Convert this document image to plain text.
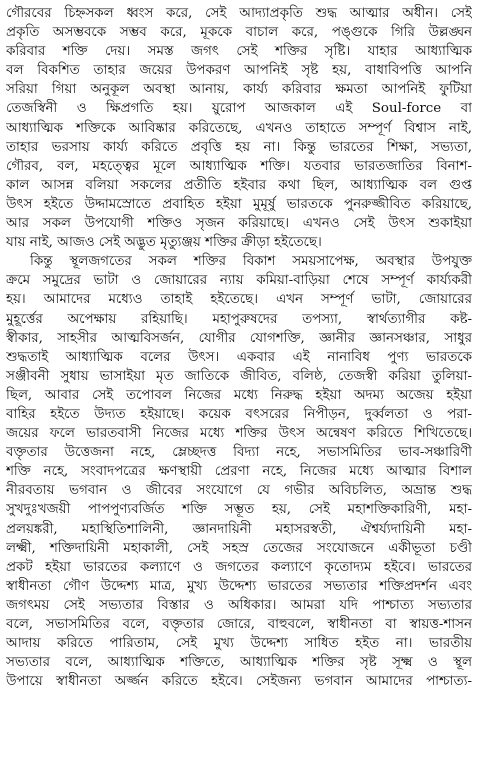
গৌরবের চিহ্নসকল ধ্বংস করে, সেই আদ্যাপ্রকৃতি শুদ্ধ আত্মার অধীন। সেই
প্রকৃতি অসম্ভবকে সম্ভব করে, মূককে বাচাল করে, পঙ্গুকে গিরি উল্লঙ্ঘন
করিবার শক্তি দেয়। সমস্ত জগৎ সেই শক্তির সৃষ্টি। যাহার আধ্যাত্মিক
বল বিকশিত তাহার জয়ের উপকরণ আপনিই সৃষ্ট হয়, বাধাবিপত্তি আপনি
সরিয়া গিয়া অনুকূল অবস্থা আনায়, কার্য্য করিবার ক্ষমতা আপনিই ফুটিয়া
তেজস্বিনী ও ক্ষিপ্রগতি হয়। য়ুরোপ আজকাল এই Soul-force বা
আধ্যাত্মিক শক্তিকে আবিষ্কার করিতেছে, এখনও তাহাতে সম্পূর্ণ বিশ্বাস নাই,
তাহার ভরসায় কার্য্য করিতে প্রবৃত্তি হয় না। কিন্তু ভারতের শিক্ষা, সভ্যতা,
গৌরব, বল, মহত্ত্বের মূলে আধ্যাত্মিক শক্তি। যতবার ভারতজাতির বিনাশ-
কাল আসন্ন বলিয়া সকলের প্রতীতি হইবার কথা ছিল, আধ্যাত্মিক বল গুপ্ত
উৎস হইতে উদ্দামস্রোতে প্রবাহিত হইয়া মুমূর্ষু ভারতকে পুনরুজ্জীবিত করিয়াছে,
আর সকল উপযোগী শক্তিও সৃজন করিয়াছে। এখনও সেই উৎস শুকাইয়া
যায় নাই, আজও সেই অদ্ভুত মৃত্যুঞ্জয় শক্তির ক্রীড়া হইতেছে।
কিন্তু স্থূলজগতের সকল শক্তির বিকাশ সময়সাপেক্ষ, অবস্থার উপযুক্ত
ক্রমে সমুদ্রের ভাটা ও জোয়ারের ন্যায় কমিয়া-বাড়িয়া শেষে সম্পূর্ণ কার্য্যকরী
হয়। আমাদের মধ্যেও তাহাই হইতেছে। এখন সম্পূর্ণ ভাটা, জোয়ারের
মুহূর্ত্তের অপেক্ষায় রহিয়াছি। মহাপুরুষদের তপস্যা, স্বার্থত্যাগীর কষ্ট-
স্বীকার, সাহসীর আত্মবিসর্জন, যোগীর যোগশক্তি, জ্ঞানীর জ্ঞানসঞ্চার, সাধুর
শুদ্ধতাই আধ্যাত্মিক বলের উৎস। একবার এই নানাবিধ পুণ্য ভারতকে
সঞ্জীবনী সুধায় ভাসাইয়া মৃত জাতিকে জীবিত, বলিষ্ঠ, তেজস্বী করিয়া তুলিয়া-
ছিল, আবার সেই তপোবল নিজের মধ্যে নিরুদ্ধ হইয়া অদম্য অজেয় হইয়া
বাহির হইতে উদ্যত হইয়াছে। কয়েক বৎসরের নিপীড়ন, দুর্ব্বলতা ও পরা-
জয়ের ফলে ভারতবাসী নিজের মধ্যে শক্তির উৎস অন্বেষণ করিতে শিখিতেছে।
বক্তৃতার উত্তেজনা নহে, ম্লেচ্ছদত্ত বিদ্যা নহে, সভাসমিতির ভাব-সঞ্চারিণী
শক্তি নহে, সংবাদপত্রের ক্ষণস্থায়ী প্রেরণা নহে, নিজের মধ্যে আত্মার বিশাল
নীরবতায় ভগবান ও জীবের সংযোগে যে গভীর অবিচলিত, অভ্রান্ত শুদ্ধ
সুখদুঃখজয়ী পাপপুণ্যবর্জিত শক্তি সম্ভূত হয়, সেই মহাশক্তিকারিণী, মহা-
প্রলয়ঙ্করী, মহাস্থিতিশালিনী, জ্ঞানদায়িনী মহাসরস্বতী, ঐশ্বর্য্যদায়িনী মহা-
লক্ষ্মী, শক্তিদায়িনী মহাকালী, সেই সহস্র তেজের সংযোজনে একীভূতা চণ্ডী
প্রকট হইয়া ভারতের কল্যাণে ও জগতের কল্যাণে কৃতোদ্যম হইবে। ভারতের
স্বাধীনতা গৌণ উদ্দেশ্য মাত্র, মুখ্য উদ্দেশ্য ভারতের সভ্যতার শক্তিপ্রদর্শন এবং
জগৎময় সেই সভ্যতার বিস্তার ও অধিকার। আমরা যদি পাশ্চাত্য সভ্যতার
বলে, সভাসমিতির বলে, বক্তৃতার জোরে, বাহুবলে, স্বাধীনতা বা স্বায়ত্ত-শাসন
আদায় করিতে পারিতাম, সেই মুখ্য উদ্দেশ্য সাধিত হইত না। ভারতীয়
সভ্যতার বলে, আধ্যাত্মিক শক্তিতে, আধ্যাত্মিক শক্তির সৃষ্ট সূক্ষ্ম ও স্থূল
উপায়ে স্বাধীনতা অর্জ্জন করিতে হইবে। সেইজন্য ভগবান আমাদের পাশ্চাত্য-
